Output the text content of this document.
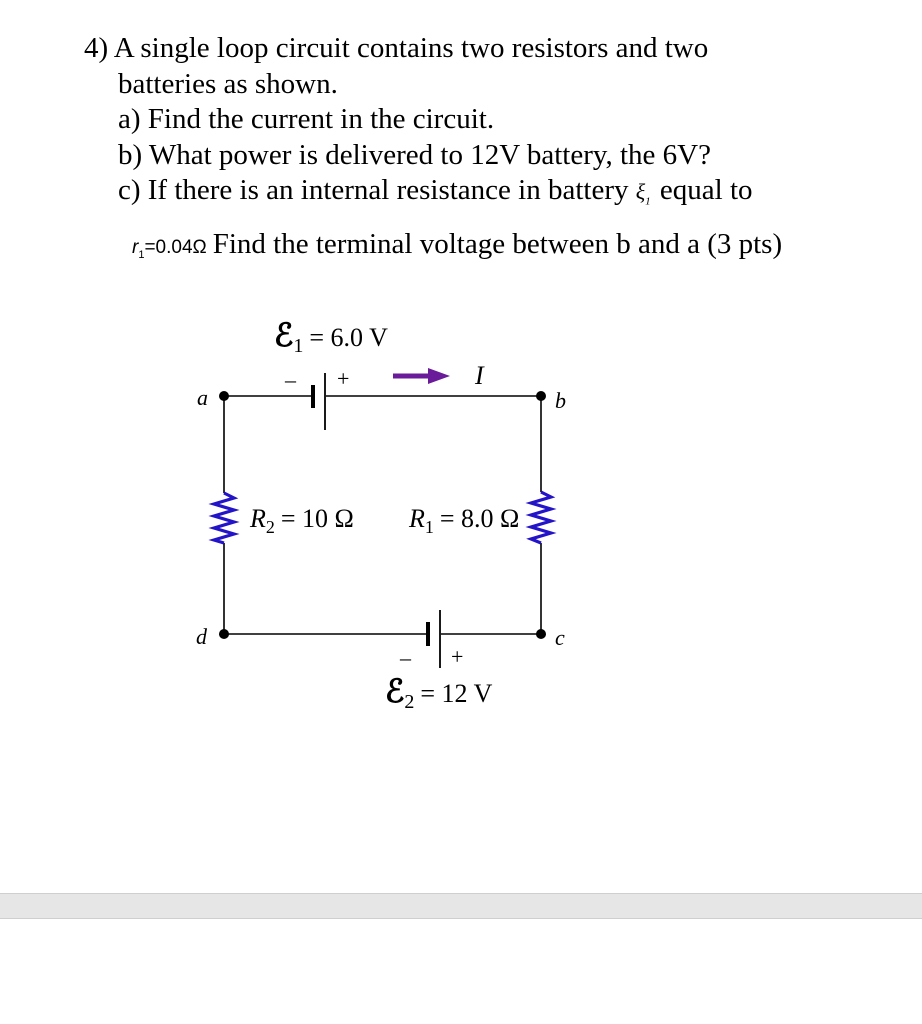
4) A single loop circuit contains two resistors and two
batteries as shown.
a) Find the current in the circuit.
b) What power is delivered to 12V battery, the 6V?
c) If there is an internal resistance in battery $\xi_1$ equal to
$r_1=0.04\Omega$ Find the terminal voltage between b and a (3 pts)
– +
– +
ℰ$_1$ = 6.0 V
ℰ$_2$ = 12 V
I
a	b
c
d
$R_2 = 10$ Ω $R_1 = 8.0$ Ω
